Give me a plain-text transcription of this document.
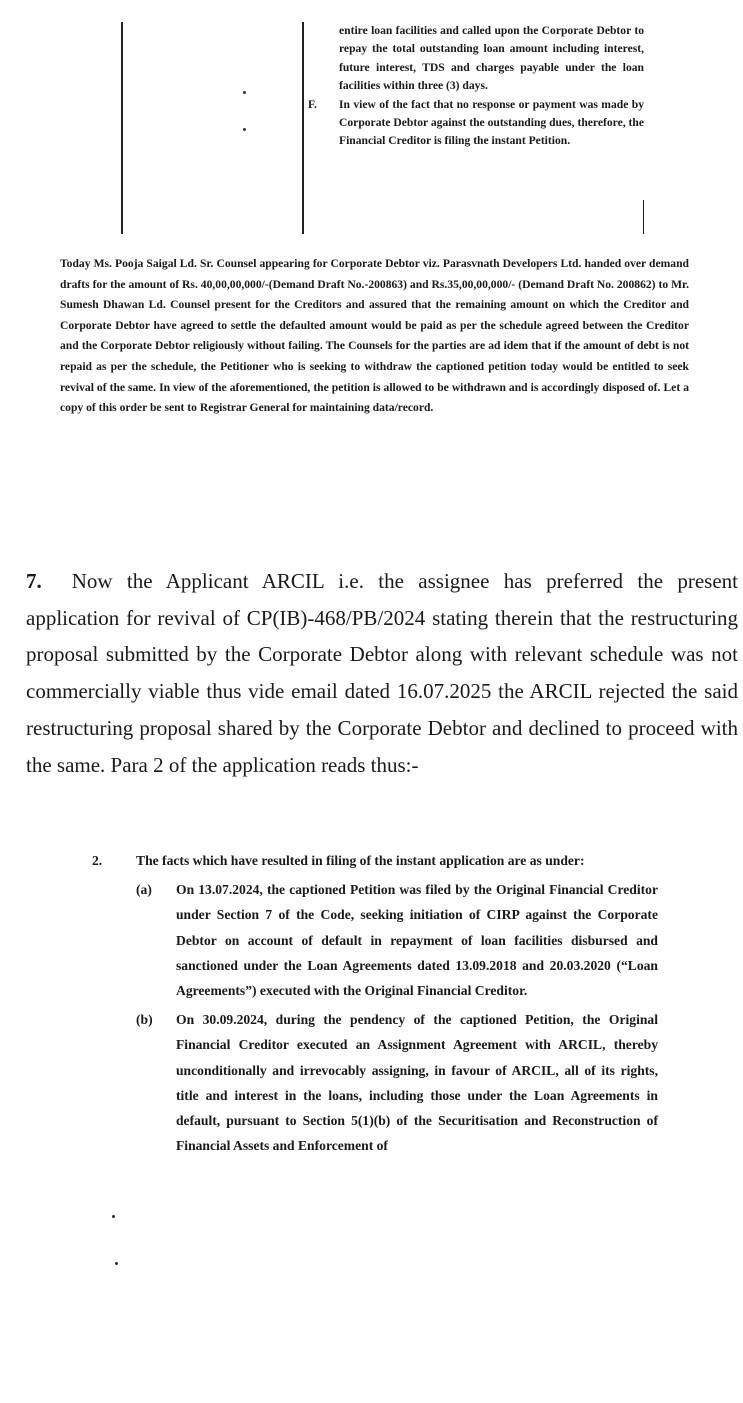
entire loan facilities and called upon the Corporate Debtor to repay the total outstanding loan amount including interest, future interest, TDS and charges payable under the loan facilities within three (3) days.

F.	In view of the fact that no response or payment was made by Corporate Debtor against the outstanding dues, therefore, the Financial Creditor is filing the instant Petition.
Today Ms. Pooja Saigal Ld. Sr. Counsel appearing for Corporate Debtor viz. Parasvnath Developers Ltd. handed over demand drafts for the amount of Rs. 40,00,00,000/-(Demand Draft No.-200863) and Rs.35,00,00,000/- (Demand Draft No. 200862) to Mr. Sumesh Dhawan Ld. Counsel present for the Creditors and assured that the remaining amount on which the Creditor and Corporate Debtor have agreed to settle the defaulted amount would be paid as per the schedule agreed between the Creditor and the Corporate Debtor religiously without failing. The Counsels for the parties are ad idem that if the amount of debt is not repaid as per the schedule, the Petitioner who is seeking to withdraw the captioned petition today would be entitled to seek revival of the same. In view of the aforementioned, the petition is allowed to be withdrawn and is accordingly disposed of. Let a copy of this order be sent to Registrar General for maintaining data/record.
7. Now the Applicant ARCIL i.e. the assignee has preferred the present application for revival of CP(IB)-468/PB/2024 stating therein that the restructuring proposal submitted by the Corporate Debtor along with relevant schedule was not commercially viable thus vide email dated 16.07.2025 the ARCIL rejected the said restructuring proposal shared by the Corporate Debtor and declined to proceed with the same. Para 2 of the application reads thus:-
2.	The facts which have resulted in filing of the instant application are as under:
(a)	On 13.07.2024, the captioned Petition was filed by the Original Financial Creditor under Section 7 of the Code, seeking initiation of CIRP against the Corporate Debtor on account of default in repayment of loan facilities disbursed and sanctioned under the Loan Agreements dated 13.09.2018 and 20.03.2020 (“Loan Agreements”) executed with the Original Financial Creditor.
(b)	On 30.09.2024, during the pendency of the captioned Petition, the Original Financial Creditor executed an Assignment Agreement with ARCIL, thereby unconditionally and irrevocably assigning, in favour of ARCIL, all of its rights, title and interest in the loans, including those under the Loan Agreements in default, pursuant to Section 5(1)(b) of the Securitisation and Reconstruction of Financial Assets and Enforcement of
